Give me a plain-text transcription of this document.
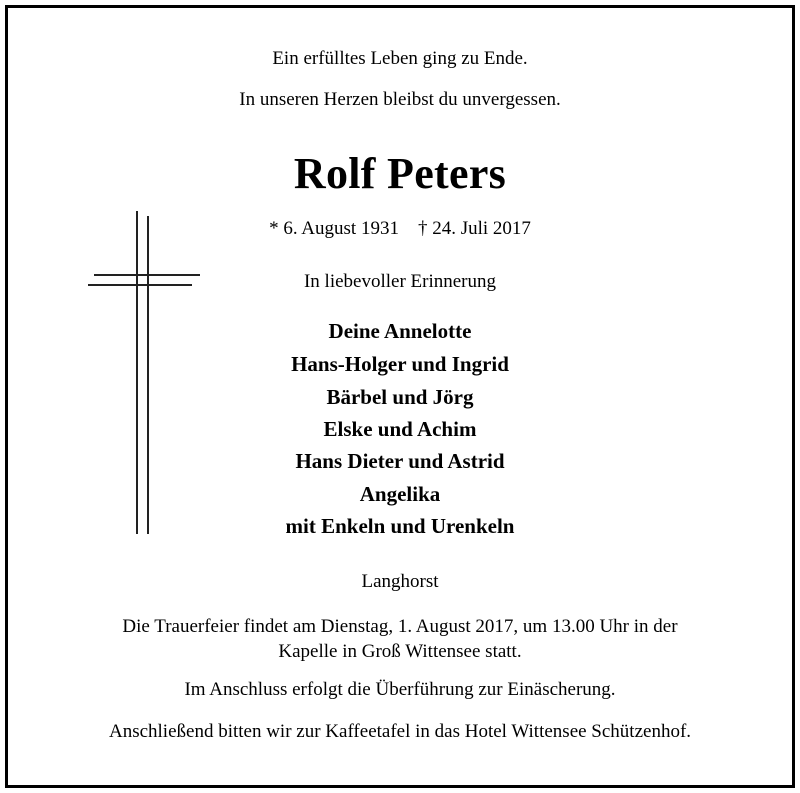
Ein erfülltes Leben ging zu Ende.
In unseren Herzen bleibst du unvergessen.
Rolf Peters
* 6. August 1931    † 24. Juli 2017
In liebevoller Erinnerung
Deine Annelotte
Hans-Holger und Ingrid
Bärbel und Jörg
Elske und Achim
Hans Dieter und Astrid
Angelika
mit Enkeln und Urenkeln
Langhorst
Die Trauerfeier findet am Dienstag, 1. August 2017, um 13.00 Uhr in der
Kapelle in Groß Wittensee statt.
Im Anschluss erfolgt die Überführung zur Einäscherung.
Anschließend bitten wir zur Kaffeetafel in das Hotel Wittensee Schützenhof.
